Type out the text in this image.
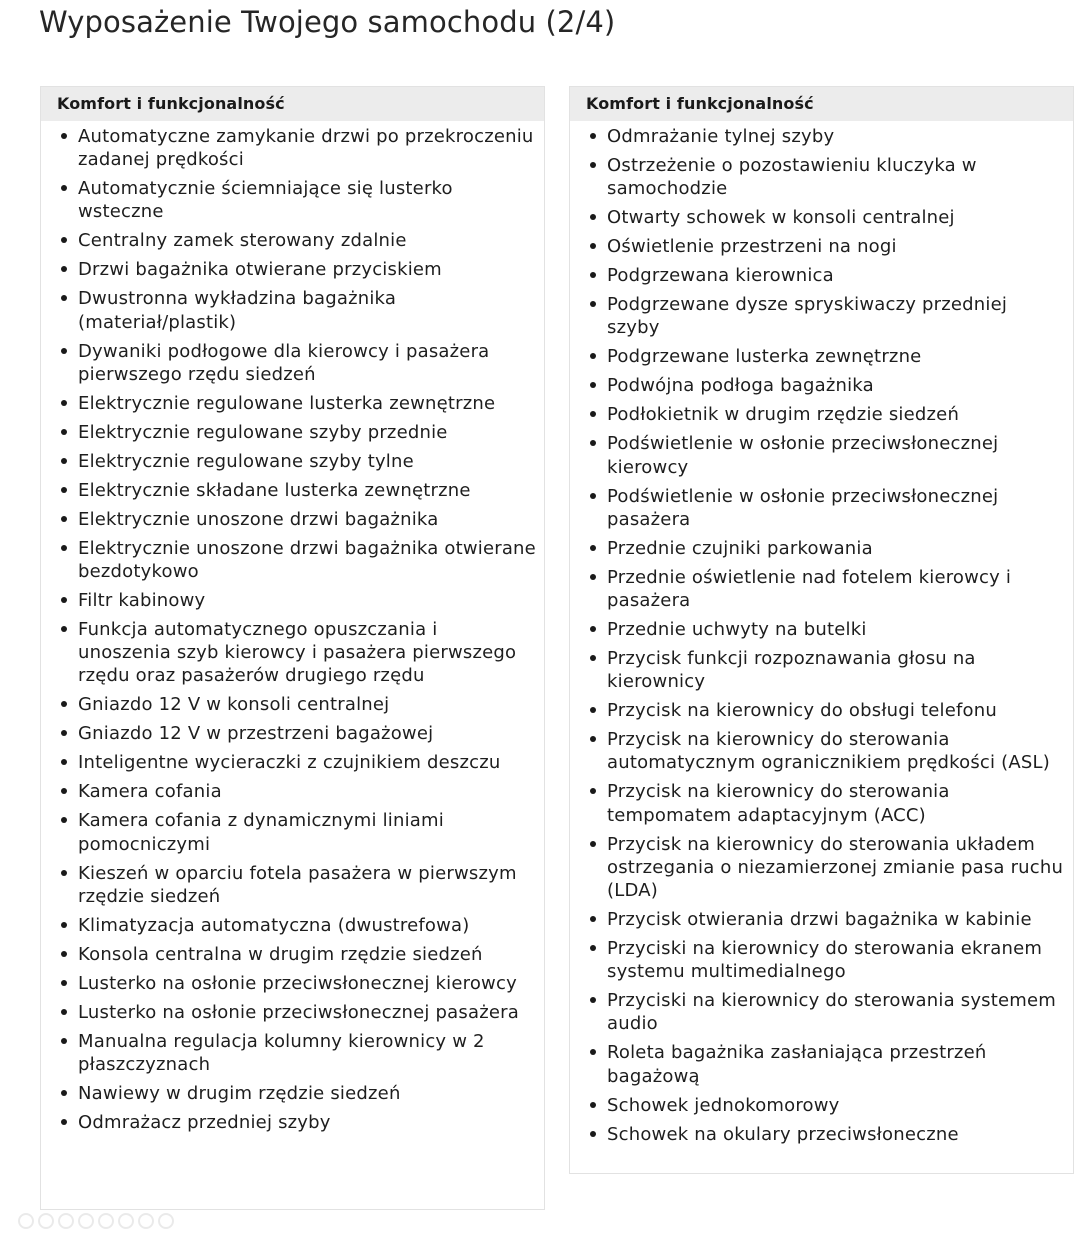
Wyposażenie Twojego samochodu (2/4)
Komfort i funkcjonalność
Automatyczne zamykanie drzwi po przekroczeniu zadanej prędkości
Automatycznie ściemniające się lusterko wsteczne
Centralny zamek sterowany zdalnie
Drzwi bagażnika otwierane przyciskiem
Dwustronna wykładzina bagażnika (materiał/plastik)
Dywaniki podłogowe dla kierowcy i pasażera pierwszego rzędu siedzeń
Elektrycznie regulowane lusterka zewnętrzne
Elektrycznie regulowane szyby przednie
Elektrycznie regulowane szyby tylne
Elektrycznie składane lusterka zewnętrzne
Elektrycznie unoszone drzwi bagażnika
Elektrycznie unoszone drzwi bagażnika otwierane bezdotykowo
Filtr kabinowy
Funkcja automatycznego opuszczania i unoszenia szyb kierowcy i pasażera pierwszego rzędu oraz pasażerów drugiego rzędu
Gniazdo 12 V w konsoli centralnej
Gniazdo 12 V w przestrzeni bagażowej
Inteligentne wycieraczki z czujnikiem deszczu
Kamera cofania
Kamera cofania z dynamicznymi liniami pomocniczymi
Kieszeń w oparciu fotela pasażera w pierwszym rzędzie siedzeń
Klimatyzacja automatyczna (dwustrefowa)
Konsola centralna w drugim rzędzie siedzeń
Lusterko na osłonie przeciwsłonecznej kierowcy
Lusterko na osłonie przeciwsłonecznej pasażera
Manualna regulacja kolumny kierownicy w 2 płaszczyznach
Nawiewy w drugim rzędzie siedzeń
Odmrażacz przedniej szyby
Komfort i funkcjonalność
Odmrażanie tylnej szyby
Ostrzeżenie o pozostawieniu kluczyka w samochodzie
Otwarty schowek w konsoli centralnej
Oświetlenie przestrzeni na nogi
Podgrzewana kierownica
Podgrzewane dysze spryskiwaczy przedniej szyby
Podgrzewane lusterka zewnętrzne
Podwójna podłoga bagażnika
Podłokietnik w drugim rzędzie siedzeń
Podświetlenie w osłonie przeciwsłonecznej kierowcy
Podświetlenie w osłonie przeciwsłonecznej pasażera
Przednie czujniki parkowania
Przednie oświetlenie nad fotelem kierowcy i pasażera
Przednie uchwyty na butelki
Przycisk funkcji rozpoznawania głosu na kierownicy
Przycisk na kierownicy do obsługi telefonu
Przycisk na kierownicy do sterowania automatycznym ogranicznikiem prędkości (ASL)
Przycisk na kierownicy do sterowania tempomatem adaptacyjnym (ACC)
Przycisk na kierownicy do sterowania układem ostrzegania o niezamierzonej zmianie pasa ruchu (LDA)
Przycisk otwierania drzwi bagażnika w kabinie
Przyciski na kierownicy do sterowania ekranem systemu multimedialnego
Przyciski na kierownicy do sterowania systemem audio
Roleta bagażnika zasłaniająca przestrzeń bagażową
Schowek jednokomorowy
Schowek na okulary przeciwsłoneczne
